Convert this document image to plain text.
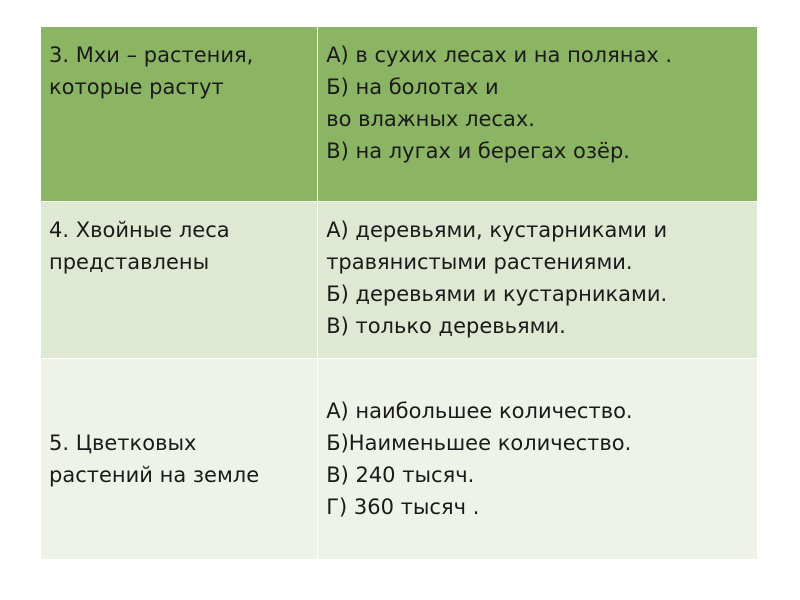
3. Мхи – растения,
которые растут	А) в сухих лесах и на полянах .
Б) на болотах и
во влажных лесах.
В) на лугах и берегах озёр.

4. Хвойные леса
представлены	А) деревьями, кустарниками и
травянистыми растениями.
Б) деревьями и кустарниками.
В) только деревьями.

5. Цветковых
растений на земле	А) наибольшее количество.
Б)Наименьшее количество.
В) 240 тысяч.
Г) 360 тысяч .
